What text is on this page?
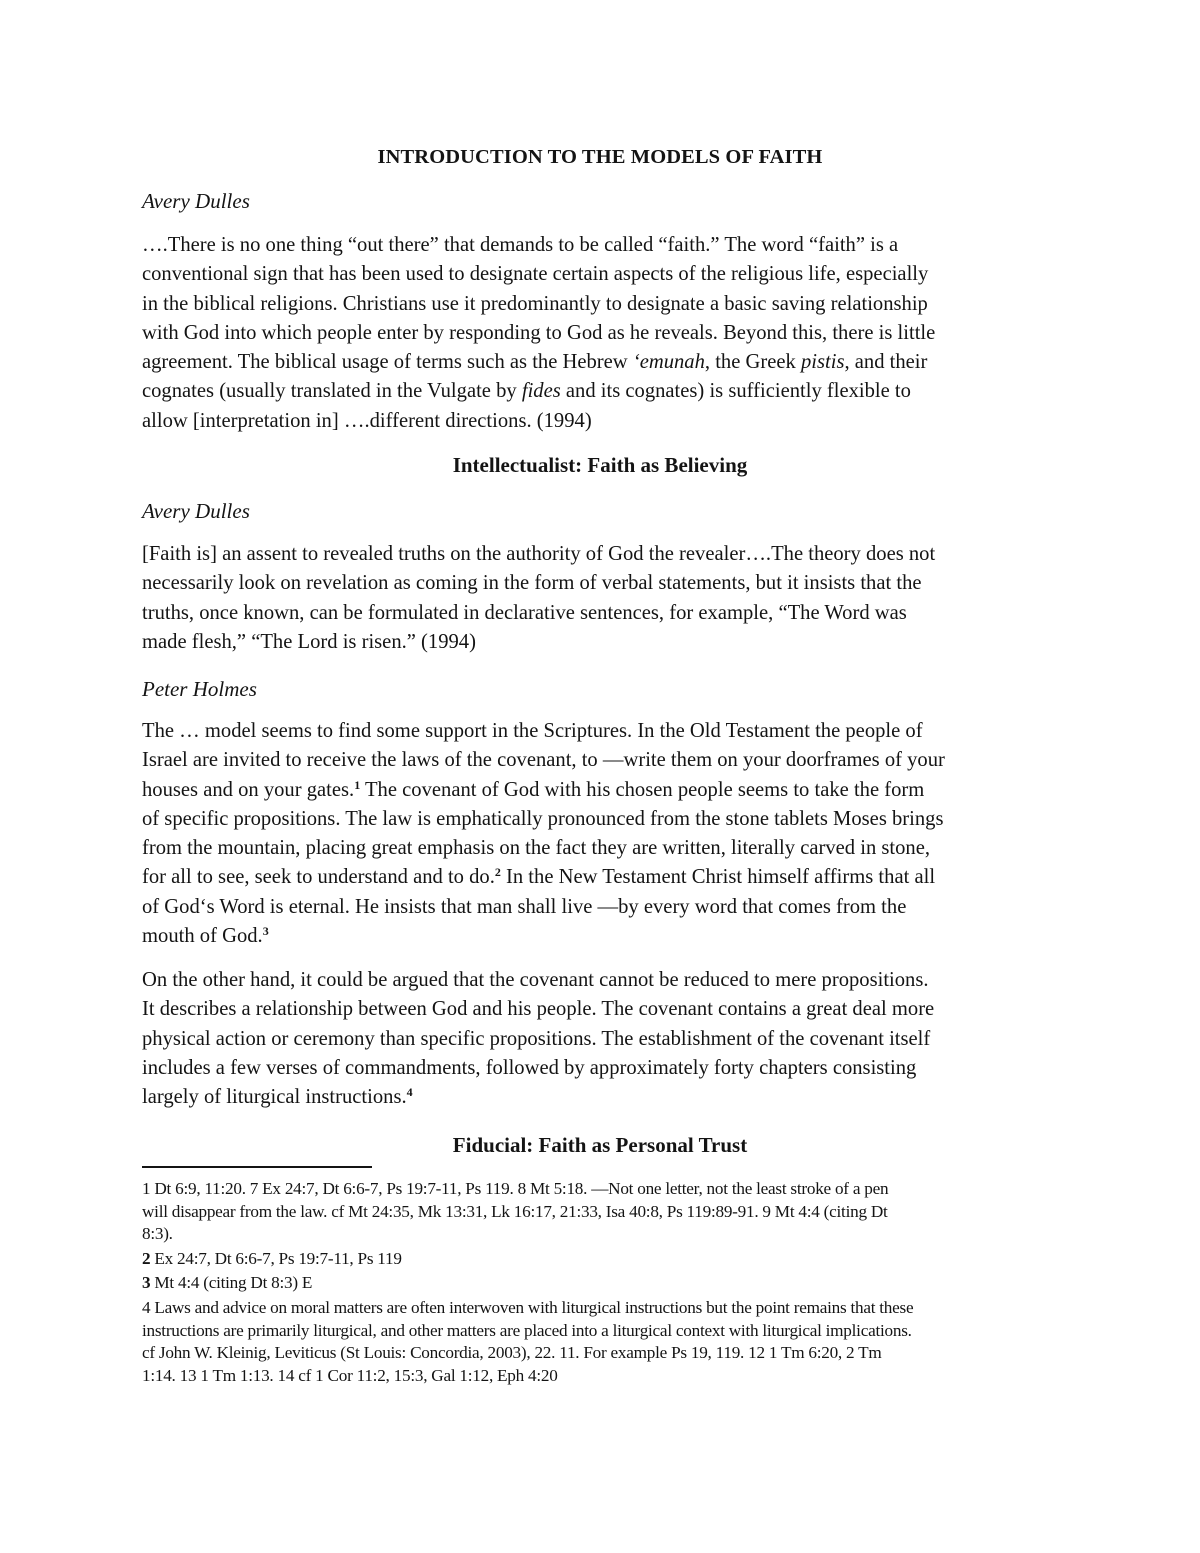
INTRODUCTION TO THE MODELS OF FAITH
Avery Dulles
….There is no one thing “out there” that demands to be called “faith.” The word “faith” is a
conventional sign that has been used to designate certain aspects of the religious life, especially
in the biblical religions. Christians use it predominantly to designate a basic saving relationship
with God into which people enter by responding to God as he reveals. Beyond this, there is little
agreement. The biblical usage of terms such as the Hebrew ‘emunah, the Greek pistis, and their
cognates (usually translated in the Vulgate by fides and its cognates) is sufficiently flexible to
allow [interpretation in] ….different directions. (1994)
Intellectualist: Faith as Believing
Avery Dulles
[Faith is] an assent to revealed truths on the authority of God the revealer….The theory does not
necessarily look on revelation as coming in the form of verbal statements, but it insists that the
truths, once known, can be formulated in declarative sentences, for example, “The Word was
made flesh,” “The Lord is risen.” (1994)
Peter Holmes
The … model seems to find some support in the Scriptures. In the Old Testament the people of
Israel are invited to receive the laws of the covenant, to ―write them on your doorframes of your
houses and on your gates.$^1$ The covenant of God with his chosen people seems to take the form
of specific propositions. The law is emphatically pronounced from the stone tablets Moses brings
from the mountain, placing great emphasis on the fact they are written, literally carved in stone,
for all to see, seek to understand and to do.$^2$ In the New Testament Christ himself affirms that all
of God‘s Word is eternal. He insists that man shall live ―by every word that comes from the
mouth of God.$^3$
On the other hand, it could be argued that the covenant cannot be reduced to mere propositions.
It describes a relationship between God and his people. The covenant contains a great deal more
physical action or ceremony than specific propositions. The establishment of the covenant itself
includes a few verses of commandments, followed by approximately forty chapters consisting
largely of liturgical instructions.$^4$
Fiducial: Faith as Personal Trust
1 Dt 6:9, 11:20. 7 Ex 24:7, Dt 6:6-7, Ps 19:7-11, Ps 119. 8 Mt 5:18. ―Not one letter, not the least stroke of a pen
will disappear from the law. cf Mt 24:35, Mk 13:31, Lk 16:17, 21:33, Isa 40:8, Ps 119:89-91. 9 Mt 4:4 (citing Dt
8:3).
2 Ex 24:7, Dt 6:6-7, Ps 19:7-11, Ps 119
3 Mt 4:4 (citing Dt 8:3) E
4 Laws and advice on moral matters are often interwoven with liturgical instructions but the point remains that these
instructions are primarily liturgical, and other matters are placed into a liturgical context with liturgical implications.
cf John W. Kleinig, Leviticus (St Louis: Concordia, 2003), 22. 11. For example Ps 19, 119. 12 1 Tm 6:20, 2 Tm
1:14. 13 1 Tm 1:13. 14 cf 1 Cor 11:2, 15:3, Gal 1:12, Eph 4:20
